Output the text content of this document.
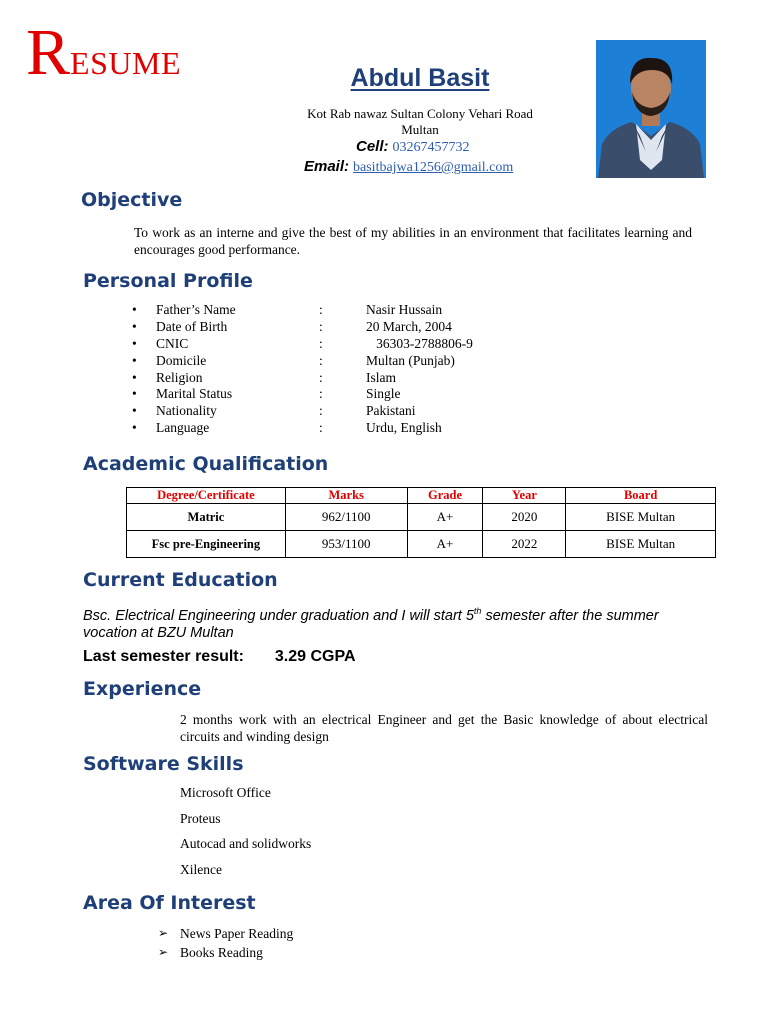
RESUME	Abdul Basit
Kot Rab nawaz Sultan Colony Vehari Road
Multan
Cell: 03267457732
Email: basitbajwa1256@gmail.com
Objective
To work as an interne and give the best of my abilities in an environment that facilitates learning and encourages good performance.
Personal Profile
• Father’s Name	:	Nasir Hussain
• Date of Birth	:	20 March, 2004
• CNIC	:	36303-2788806-9
• Domicile	:	Multan (Punjab)
• Religion	:	Islam
• Marital Status	:	Single
• Nationality	:	Pakistani
• Language	:	Urdu, English
Academic Qualification
Degree/Certificate	Marks	Grade	Year	Board
Matric	962/1100	A+	2020	BISE Multan
Fsc pre-Engineering	953/1100	A+	2022	BISE Multan
Current Education
Bsc. Electrical Engineering under graduation and I will start 5th semester after the summer vocation at BZU Multan
Last semester result: 3.29 CGPA
Experience
2 months work with an electrical Engineer and get the Basic knowledge of about electrical circuits and winding design
Software Skills
Microsoft Office
Proteus
Autocad and solidworks
Xilence
Area Of Interest
➢ News Paper Reading
➢ Books Reading
